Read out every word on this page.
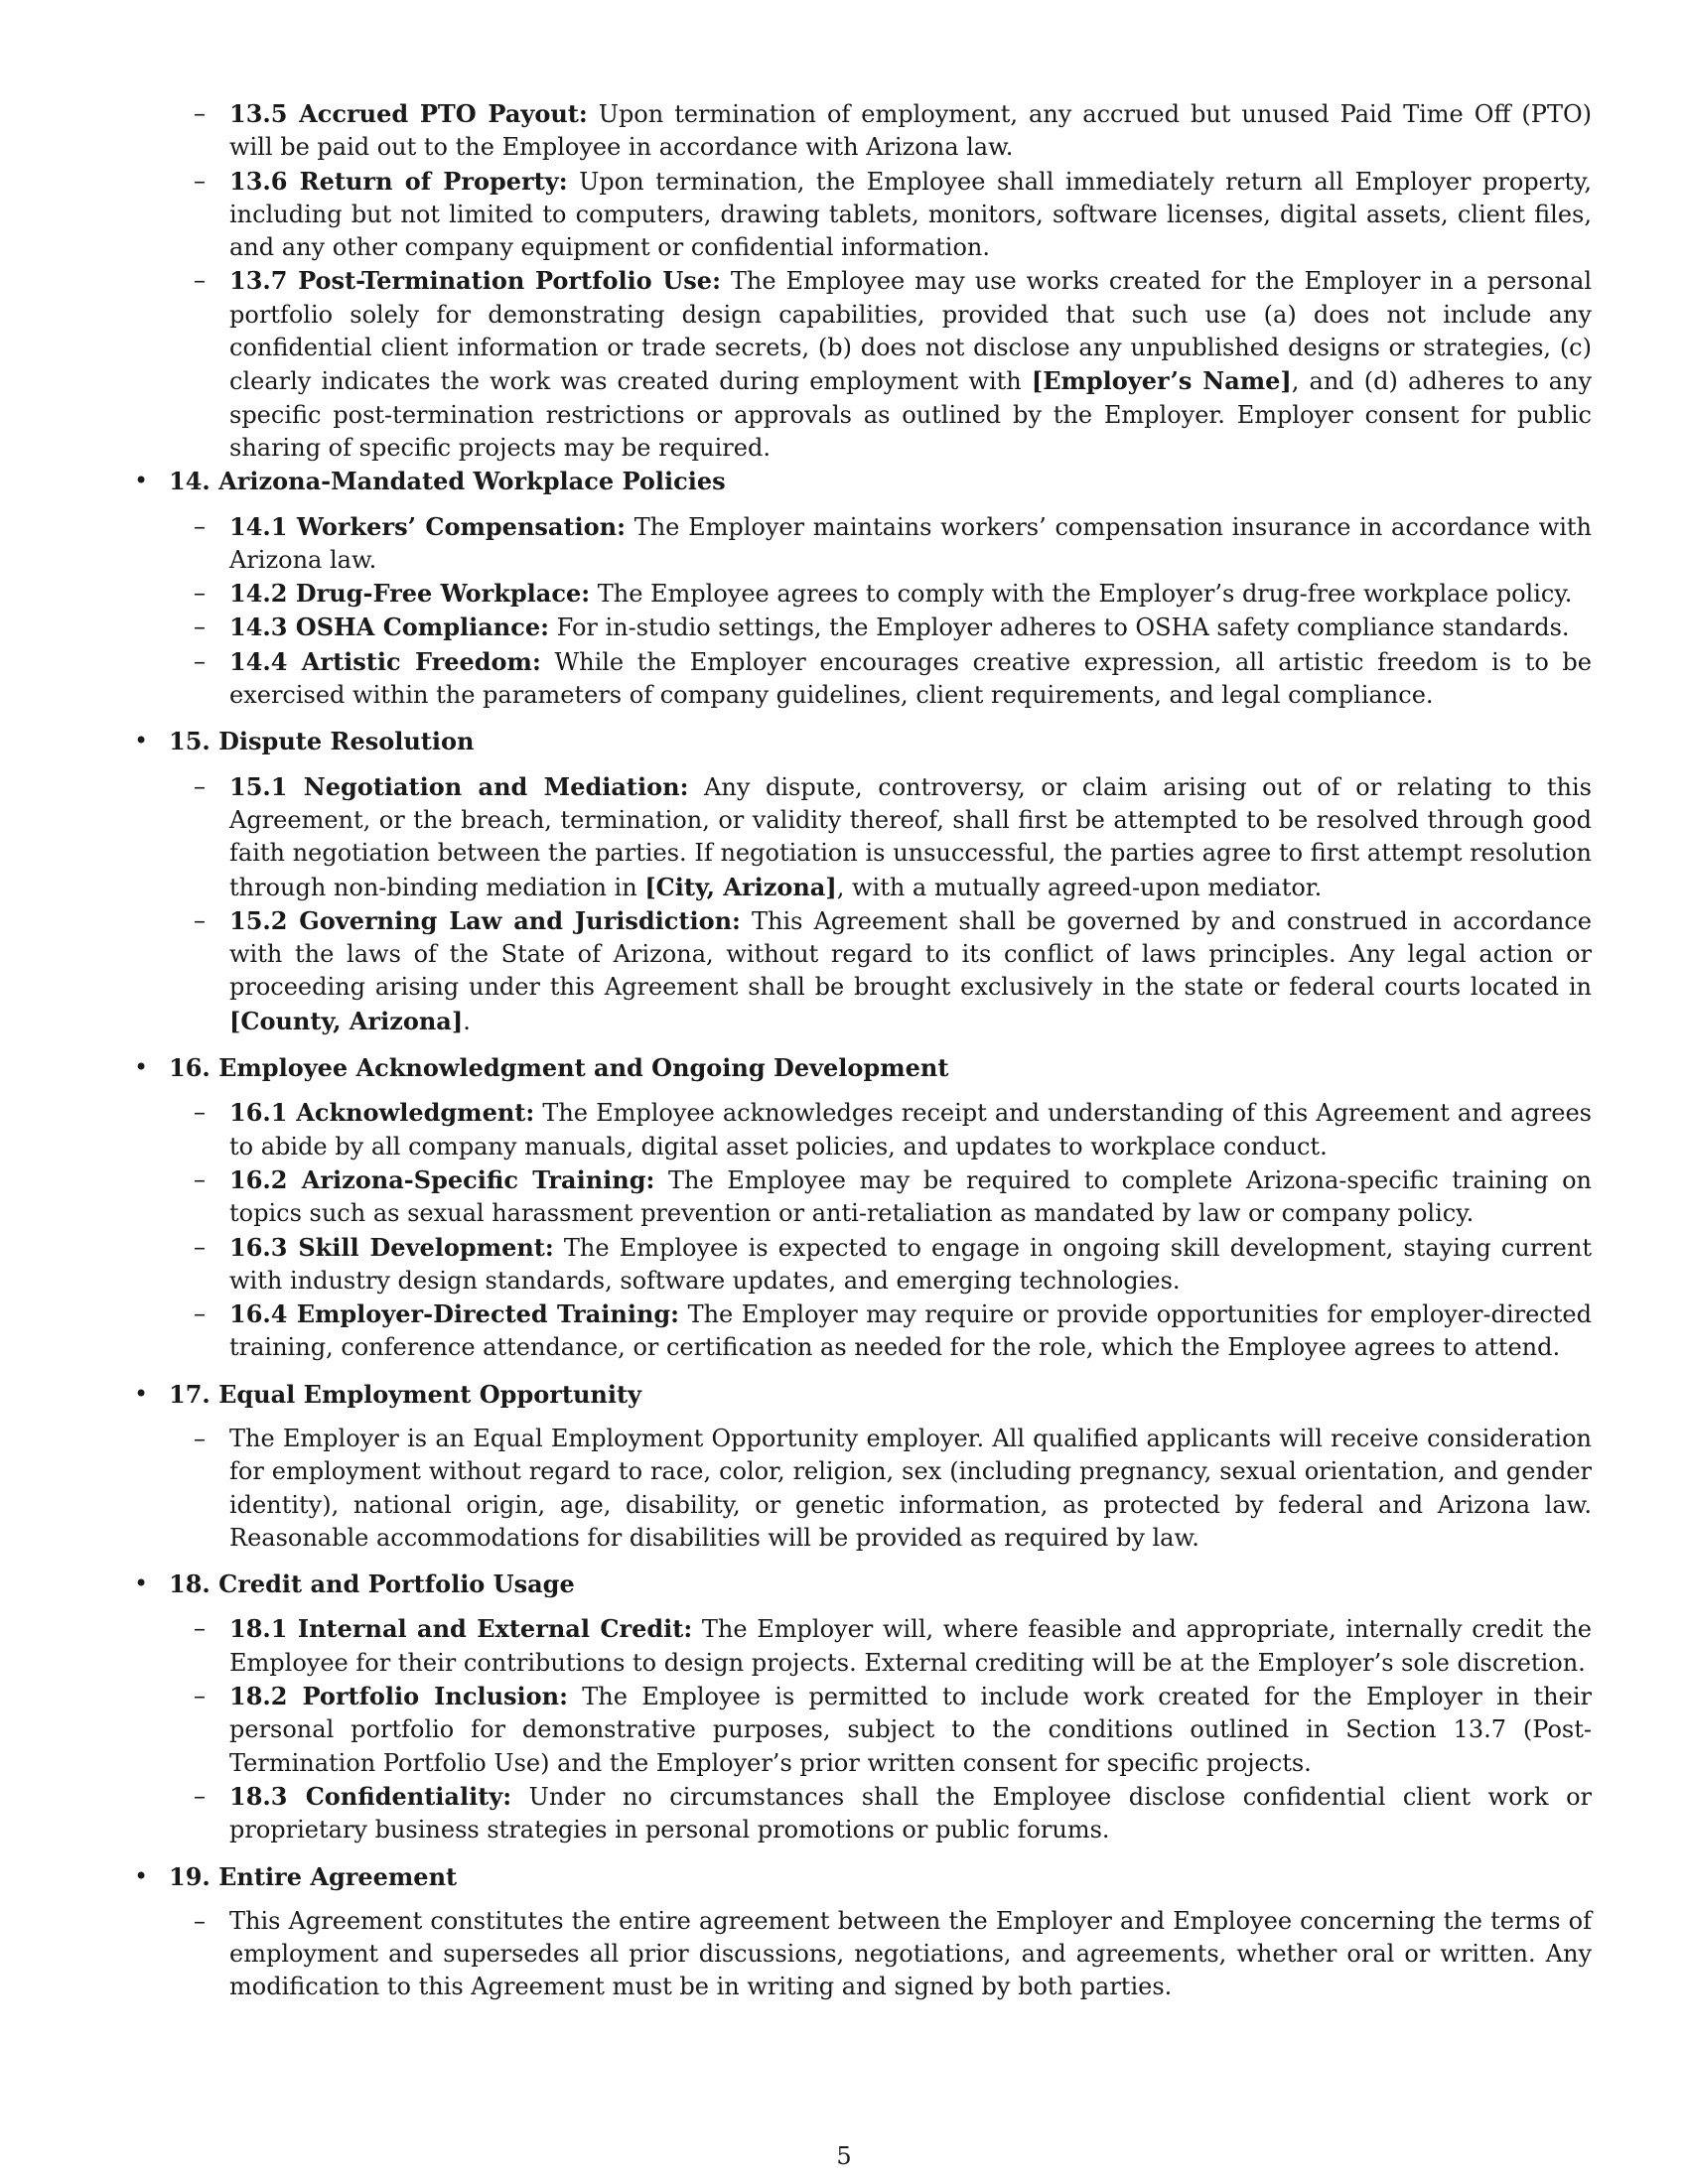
– 13.5 Accrued PTO Payout: Upon termination of employment, any accrued but unused Paid Time Off (PTO) will be paid out to the Employee in accordance with Arizona law.
– 13.6 Return of Property: Upon termination, the Employee shall immediately return all Employer property, including but not limited to computers, drawing tablets, monitors, software licenses, digital assets, client files, and any other company equipment or confidential information.
– 13.7 Post-Termination Portfolio Use: The Employee may use works created for the Employer in a personal portfolio solely for demonstrating design capabilities, provided that such use (a) does not include any confidential client information or trade secrets, (b) does not disclose any unpublished designs or strategies, (c) clearly indicates the work was created during employment with [Employer’s Name], and (d) adheres to any specific post-termination restrictions or approvals as outlined by the Employer. Employer consent for public sharing of specific projects may be required.
• 14. Arizona-Mandated Workplace Policies
– 14.1 Workers’ Compensation: The Employer maintains workers’ compensation insurance in accordance with Arizona law.
– 14.2 Drug-Free Workplace: The Employee agrees to comply with the Employer’s drug-free workplace policy.
– 14.3 OSHA Compliance: For in-studio settings, the Employer adheres to OSHA safety compliance standards.
– 14.4 Artistic Freedom: While the Employer encourages creative expression, all artistic freedom is to be exercised within the parameters of company guidelines, client requirements, and legal compliance.
• 15. Dispute Resolution
– 15.1 Negotiation and Mediation: Any dispute, controversy, or claim arising out of or relating to this Agreement, or the breach, termination, or validity thereof, shall first be attempted to be resolved through good faith negotiation between the parties. If negotiation is unsuccessful, the parties agree to first attempt resolution through non-binding mediation in [City, Arizona], with a mutually agreed-upon mediator.
– 15.2 Governing Law and Jurisdiction: This Agreement shall be governed by and construed in accordance with the laws of the State of Arizona, without regard to its conflict of laws principles. Any legal action or proceeding arising under this Agreement shall be brought exclusively in the state or federal courts located in [County, Arizona].
• 16. Employee Acknowledgment and Ongoing Development
– 16.1 Acknowledgment: The Employee acknowledges receipt and understanding of this Agreement and agrees to abide by all company manuals, digital asset policies, and updates to workplace conduct.
– 16.2 Arizona-Specific Training: The Employee may be required to complete Arizona-specific training on topics such as sexual harassment prevention or anti-retaliation as mandated by law or company policy.
– 16.3 Skill Development: The Employee is expected to engage in ongoing skill development, staying current with industry design standards, software updates, and emerging technologies.
– 16.4 Employer-Directed Training: The Employer may require or provide opportunities for employer-directed training, conference attendance, or certification as needed for the role, which the Employee agrees to attend.
• 17. Equal Employment Opportunity
– The Employer is an Equal Employment Opportunity employer. All qualified applicants will receive consideration for employment without regard to race, color, religion, sex (including pregnancy, sexual orientation, and gender identity), national origin, age, disability, or genetic information, as protected by federal and Arizona law. Reasonable accommodations for disabilities will be provided as required by law.
• 18. Credit and Portfolio Usage
– 18.1 Internal and External Credit: The Employer will, where feasible and appropriate, internally credit the Employee for their contributions to design projects. External crediting will be at the Employer’s sole discretion.
– 18.2 Portfolio Inclusion: The Employee is permitted to include work created for the Employer in their personal portfolio for demonstrative purposes, subject to the conditions outlined in Section 13.7 (Post-Termination Portfolio Use) and the Employer’s prior written consent for specific projects.
– 18.3 Confidentiality: Under no circumstances shall the Employee disclose confidential client work or proprietary business strategies in personal promotions or public forums.
• 19. Entire Agreement
– This Agreement constitutes the entire agreement between the Employer and Employee concerning the terms of employment and supersedes all prior discussions, negotiations, and agreements, whether oral or written. Any modification to this Agreement must be in writing and signed by both parties.
5
